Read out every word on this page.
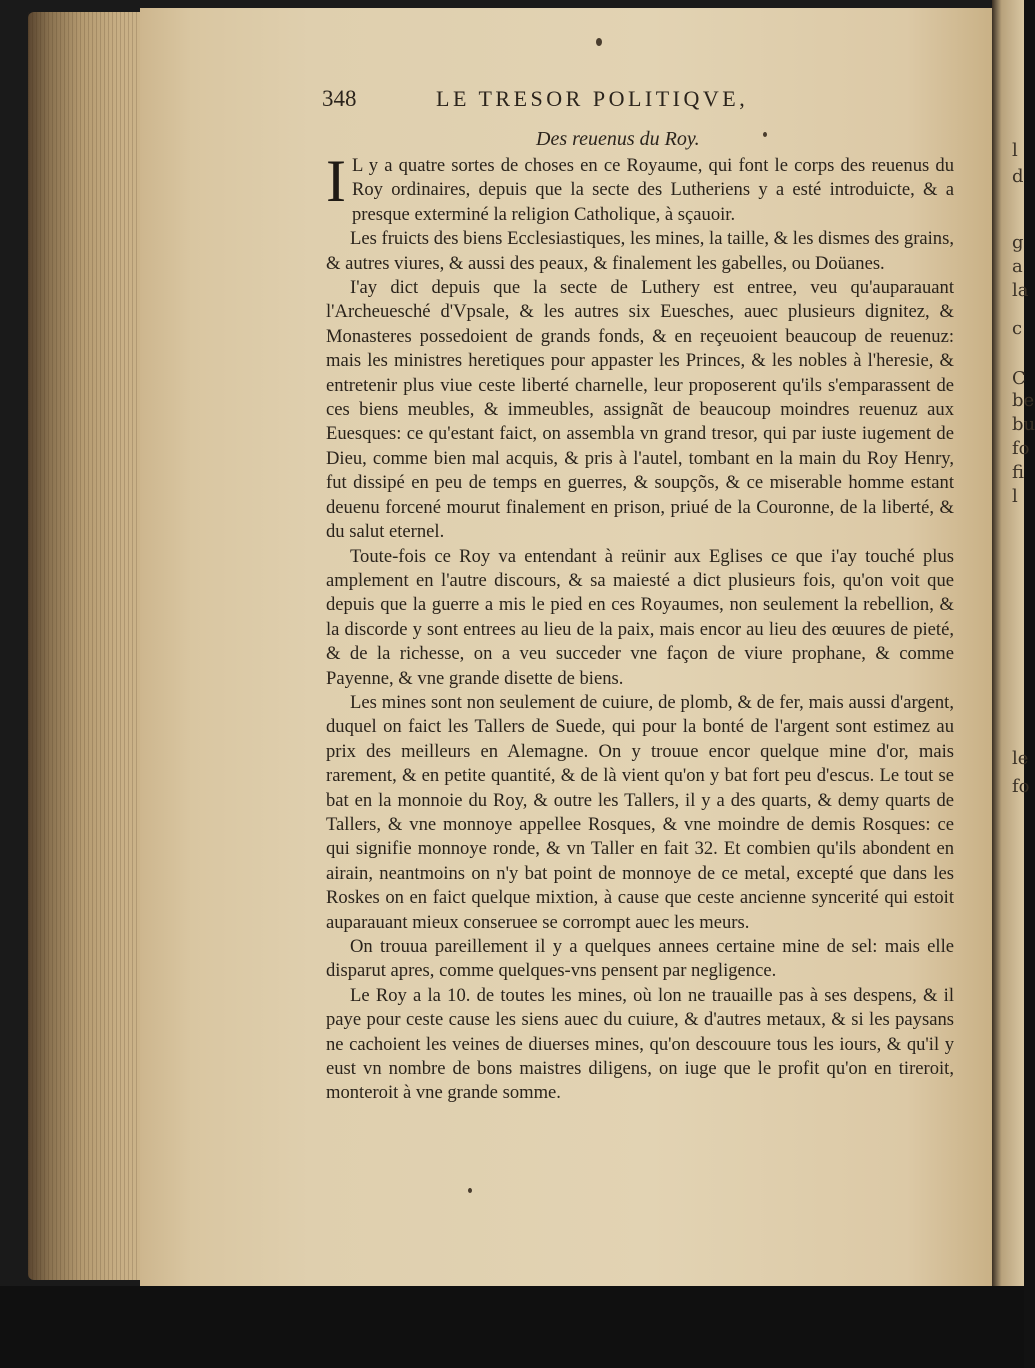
l
d
g
a
la
c
C
be
bu
fo
fi
l
le
fo
348	LE TRESOR POLITIQVE,
Des reuenus du Roy.

I L y a quatre sortes de choses en ce Royaume, qui font le corps des reuenus du Roy ordinaires, depuis que la secte des Lutheriens y a esté introduicte, & a presque exterminé la religion Catholique, à sçauoir.

Les fruicts des biens Ecclesiastiques, les mines, la taille, & les dismes des grains, & autres viures, & aussi des peaux, & finalement les gabelles, ou Doüanes.

I'ay dict depuis que la secte de Luthery est entree, veu qu'auparauant l'Archeuesché d'Vpsale, & les autres six Euesches, auec plusieurs dignitez, & Monasteres possedoient de grands fonds, & en reçeuoient beaucoup de reuenuz: mais les ministres heretiques pour appaster les Princes, & les nobles à l'heresie, & entretenir plus viue ceste liberté charnelle, leur proposerent qu'ils s'emparassent de ces biens meubles, & immeubles, assignãt de beaucoup moindres reuenuz aux Euesques: ce qu'estant faict, on assembla vn grand tresor, qui par iuste iugement de Dieu, comme bien mal acquis, & pris à l'autel, tombant en la main du Roy Henry, fut dissipé en peu de temps en guerres, & soupçõs, & ce miserable homme estant deuenu forcené mourut finalement en prison, priué de la Couronne, de la liberté, & du salut eternel.

Toute-fois ce Roy va entendant à reünir aux Eglises ce que i'ay touché plus amplement en l'autre discours, & sa maiesté a dict plusieurs fois, qu'on voit que depuis que la guerre a mis le pied en ces Royaumes, non seulement la rebellion, & la discorde y sont entrees au lieu de la paix, mais encor au lieu des œuures de pieté, & de la richesse, on a veu succeder vne façon de viure prophane, & comme Payenne, & vne grande disette de biens.

Les mines sont non seulement de cuiure, de plomb, & de fer, mais aussi d'argent, duquel on faict les Tallers de Suede, qui pour la bonté de l'argent sont estimez au prix des meilleurs en Alemagne. On y trouue encor quelque mine d'or, mais rarement, & en petite quantité, & de là vient qu'on y bat fort peu d'escus. Le tout se bat en la monnoie du Roy, & outre les Tallers, il y a des quarts, & demy quarts de Tallers, & vne monnoye appellee Rosques, & vne moindre de demis Rosques: ce qui signifie monnoye ronde, & vn Taller en fait 32. Et combien qu'ils abondent en airain, neantmoins on n'y bat point de monnoye de ce metal, excepté que dans les Roskes on en faict quelque mixtion, à cause que ceste ancienne syncerité qui estoit auparauant mieux conseruee se corrompt auec les meurs.

On trouua pareillement il y a quelques annees certaine mine de sel: mais elle disparut apres, comme quelques-vns pensent par negligence.

Le Roy a la 10. de toutes les mines, où lon ne trauaille pas à ses despens, & il paye pour ceste cause les siens auec du cuiure, & d'autres metaux, & si les paysans ne cachoient les veines de diuerses mines, qu'on descouure tous les iours, & qu'il y eust vn nombre de bons maistres diligens, on iuge que le profit qu'on en tireroit, monteroit à vne grande somme.
